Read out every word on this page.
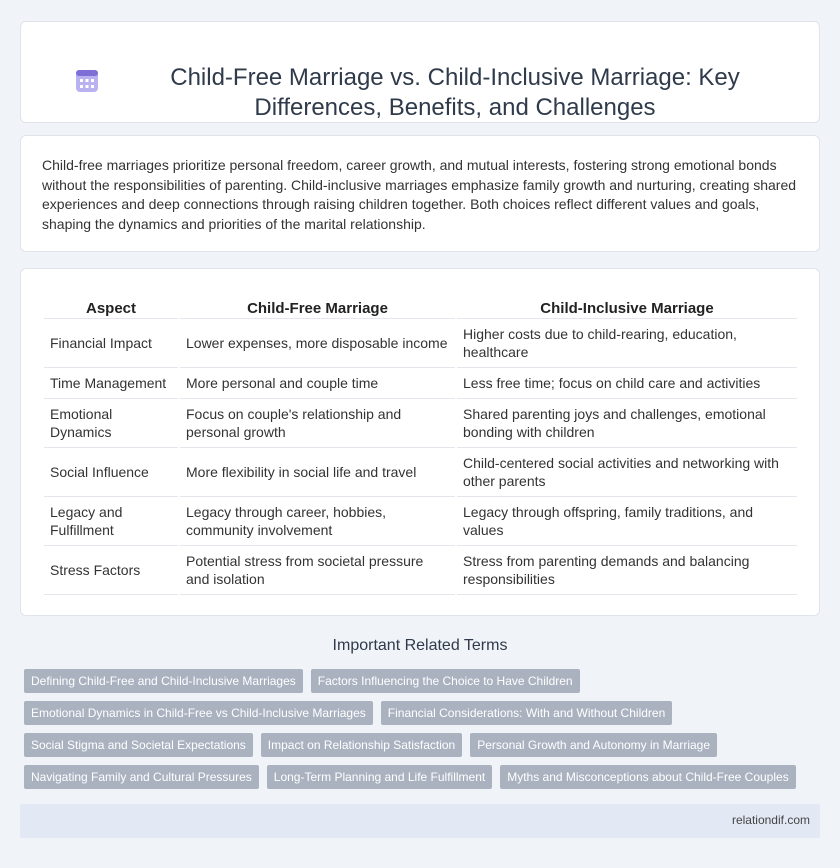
Child-Free Marriage vs. Child-Inclusive Marriage: Key Differences, Benefits, and Challenges

Child-free marriages prioritize personal freedom, career growth, and mutual interests, fostering strong emotional bonds without the responsibilities of parenting. Child-inclusive marriages emphasize family growth and nurturing, creating shared experiences and deep connections through raising children together. Both choices reflect different values and goals, shaping the dynamics and priorities of the marital relationship.

Aspect	Child-Free Marriage	Child-Inclusive Marriage
Financial Impact	Lower expenses, more disposable income	Higher costs due to child-rearing, education, healthcare
Time Management	More personal and couple time	Less free time; focus on child care and activities
Emotional Dynamics	Focus on couple's relationship and personal growth	Shared parenting joys and challenges, emotional bonding with children
Social Influence	More flexibility in social life and travel	Child-centered social activities and networking with other parents
Legacy and Fulfillment	Legacy through career, hobbies, community involvement	Legacy through offspring, family traditions, and values
Stress Factors	Potential stress from societal pressure and isolation	Stress from parenting demands and balancing responsibilities
Important Related Terms
Defining Child-Free and Child-Inclusive Marriages	Factors Influencing the Choice to Have Children
Emotional Dynamics in Child-Free vs Child-Inclusive Marriages	Financial Considerations: With and Without Children
Social Stigma and Societal Expectations	Impact on Relationship Satisfaction	Personal Growth and Autonomy in Marriage
Navigating Family and Cultural Pressures	Long-Term Planning and Life Fulfillment	Myths and Misconceptions about Child-Free Couples
relationdif.com
